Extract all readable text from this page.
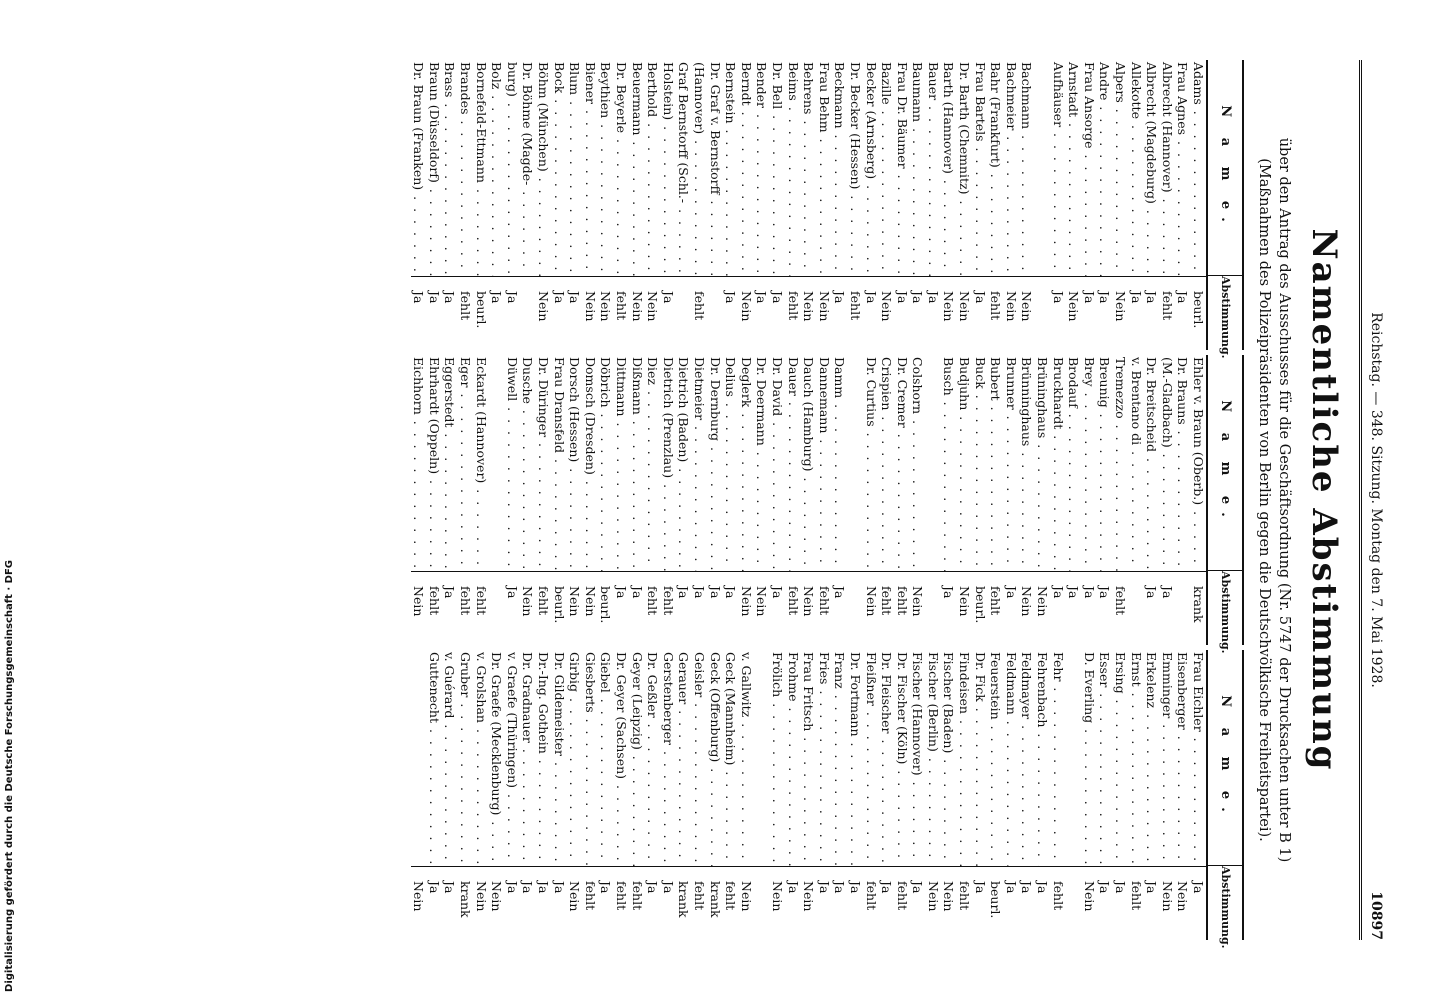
Reichstag. — 348. Sitzung. Montag den 7. Mai 1928.
10897
Namentliche Abstimmung
über den Antrag des Ausschusses für die Geschäftsordnung (Nr. 5747 der Drucksachen unter B 1)
(Maßnahmen des Polizeipräsidenten von Berlin gegen die Deutschvölkische Freiheitspartei).
N a m e.
Abstimmung.
Adams . . .
beurl.
Frau Agnes . . .
Ja
Albrecht (Hannover) . . .
fehlt
Albrecht (Magdeburg) . . .
Ja
Allekotte . . .
Ja
Alpers . . .
Nein
Andre . . .
Ja
Frau Ansorge . . .
Ja
Arnstadt . . .
Nein
Aufhäuser . . .
Ja
Bachmann . . .
Nein
Bachmeier . . .
Nein
Bahr (Frankfurt) . . .
fehlt
Frau Bartels . . .
Ja
Dr. Barth (Chemnitz) . . .
Nein
Barth (Hannover) . . .
Nein
Bauer . . .
Ja
Baumann . . .
Ja
Frau Dr. Bäumer . . .
Ja
Bazille . . .
Nein
Becker (Arnsberg) . . .
Ja
Dr. Becker (Hessen) . . .
fehlt
Beckmann . . .
Ja
Frau Behm . . .
Nein
Behrens . . .
Nein
Beims . . .
fehlt
Dr. Bell . . .
Ja
Bender . . .
Ja
Berndt . . .
Nein
Bernstein . . .
Ja
Dr. Graf v. Bernstorff . . .
(Hannover) . . .
fehlt
Graf Bernstorff (Schl.- . . .
Holstein) . . .
Ja
Berthold . . .
Nein
Beuermann . . .
Nein
Dr. Beyerle . . .
fehlt
Beythien . . .
Nein
Biener . . .
Nein
Blum . . .
Ja
Bock . . .
Ja
Böhm (München) . . .
Nein
Dr. Böhme (Magde- . . .
burg) . . .
Ja
Bolz . . .
Ja
Bornefeld-Ettmann . . .
beurl.
Brandes . . .
fehlt
Brass . . .
Ja
Braun (Düsseldorf) . . .
Ja
Dr. Braun (Franken) . . .
Ja
N a m e.
Abstimmung.
Ehler v. Braun (Oberb.) . . .
krank
Dr. Brauns . . .
(M.-Gladbach) . . .
Ja
Dr. Breitscheid . . .
Ja
v. Brentano di . . .
Tremezzo . . .
fehlt
Breunig . . .
Ja
Brey . . .
Ja
Brodauf . . .
Ja
Bruckhardt . . .
Ja
Brüninghaus . . .
Nein
Brünninghaus . . .
Nein
Brunner . . .
Ja
Bubert . . .
fehlt
Buck . . .
beurl.
Budjuhn . . .
Nein
Busch . . .
Ja
Colshorn . . .
Nein
Dr. Cremer . . .
fehlt
Crispien . . .
fehlt
Dr. Curtius . . .
Nein
Damm . . .
Ja
Dannemann . . .
fehlt
Dauch (Hamburg) . . .
Nein
Dauer . . .
fehlt
Dr. David . . .
Ja
Dr. Deermann . . .
Nein
Deglerk . . .
Nein
Delius . . .
Ja
Dr. Dernburg . . .
Ja
Dietmeier . . .
Ja
Dietrich (Baden) . . .
Ja
Dietrich (Prenzlau) . . .
fehlt
Diez . . .
fehlt
Dißmann . . .
Ja
Dittmann . . .
Ja
Döbrich . . .
beurl.
Domsch (Dresden) . . .
Nein
Dorsch (Hessen) . . .
Nein
Frau Dransfeld . . .
beurl.
Dr. Düringer . . .
fehlt
Dusche . . .
Nein
Düwell . . .
Ja
Eckardt (Hannover) . . .
fehlt
Eger . . .
fehlt
Eggerstedt . . .
Ja
Ehrhardt (Oppeln) . . .
fehlt
Eichhorn . . .
Nein
N a m e.
Abstimmung.
Frau Eichler . . .
Ja
Eisenberger . . .
Nein
Emminger . . .
Nein
Erkelenz . . .
Ja
Ernst . . .
fehlt
Ersing . . .
Ja
Esser . . .
Ja
D. Everling . . .
Nein
Fehr . . .
fehlt
Fehrenbach . . .
Ja
Feldmayer . . .
Ja
Feldmann . . .
Ja
Feuerstein . . .
beurl.
Dr. Fick . . .
Ja
Findeisen . . .
fehlt
Fischer (Baden) . . .
Nein
Fischer (Berlin) . . .
Nein
Fischer (Hannover) . . .
Ja
Dr. Fischer (Köln) . . .
fehlt
Dr. Fleischer . . .
Ja
Fleißner . . .
fehlt
Dr. Fortmann . . .
Ja
Franz . . .
Ja
Fries . . .
Ja
Frau Fritsch . . .
Nein
Frohme . . .
Ja
Frölich . . .
Nein
v. Gallwitz . . .
Nein
Geck (Mannheim) . . .
fehlt
Geck (Offenburg) . . .
krank
Geisler . . .
fehlt
Gerauer . . .
krank
Gerstenberger . . .
Ja
Dr. Geßler . . .
Ja
Geyer (Leipzig) . . .
fehlt
Dr. Geyer (Sachsen) . . .
fehlt
Giebel . . .
Ja
Giesberts . . .
fehlt
Girbig . . .
Nein
Dr. Gildemeister . . .
Ja
Dr.-Ing. Gothein . . .
Ja
Dr. Gradnauer . . .
Ja
v. Graefe (Thüringen) . . .
Ja
Dr. Graefe (Mecklenburg) . . .
Nein
v. Grolshan . . .
Nein
Gruber . . .
krank
v. Guérard . . .
Ja
Guttenecht . . .
Ja
Nein
Digitalisierung gefördert durch die Deutsche Forschungsgemeinschaft · DFG
